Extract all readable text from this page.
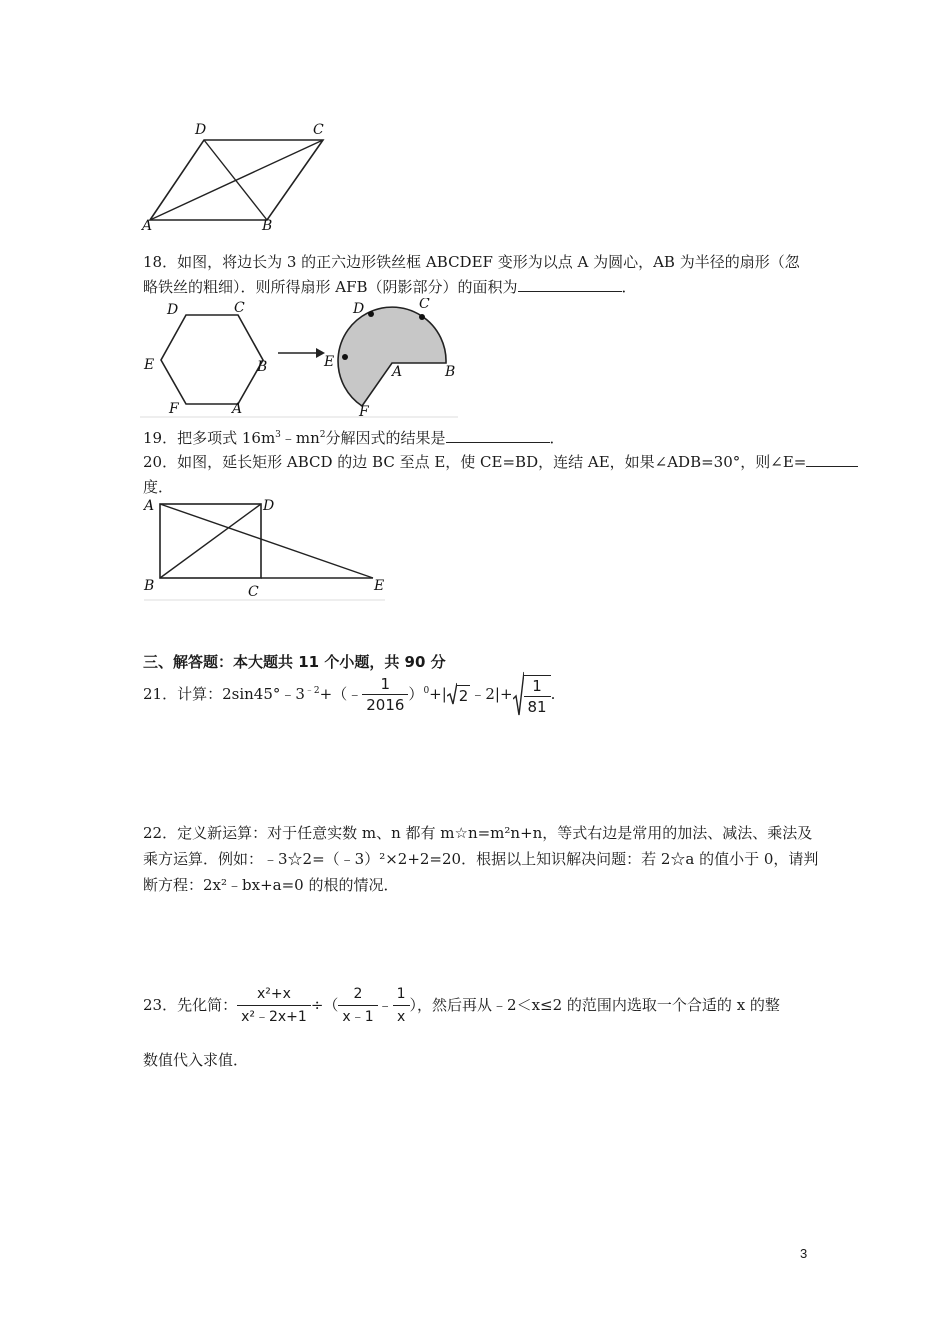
D	C
A	B
18．如图，将边长为 3 的正六边形铁丝框 ABCDEF 变形为以点 A 为圆心，AB 为半径的扇形（忽
略铁丝的粗细）．则所得扇形 AFB（阴影部分）的面积为	．
D	C
E	B
F	A
D	C
E
A	B
F
19．把多项式 $16m^3﹣mn^2$分解因式的结果是	．
20．如图，延长矩形 ABCD 的边 BC 至点 E，使 CE=BD，连结 AE，如果∠ADB=30°，则∠E=
度．
A	D
B	C	E
三、解答题：本大题共 11 个小题，共 90 分
21．计算：$2\sin 45^\circ﹣3^{﹣2}$ +（﹣ $\frac{1}{2016} )^0$ +| 2 ﹣2|+ $\frac{1}{81}$ .
22．定义新运算：对于任意实数 m、n 都有 m☆n=m²n+n，等式右边是常用的加法、减法、乘法及
乘方运算．例如：﹣3☆2=（﹣3）²×2+2=20．根据以上知识解决问题：若 2☆a 的值小于 0，请判
断方程：2x²﹣bx+a=0 的根的情况．
23．先化简： $\frac{\text{x²+x}}{\text{x²﹣2x+1}}$ ÷（ $\frac{2}{x﹣1}$ ﹣ $\frac{1}{x}$ ），然后再从﹣2＜x≤2 的范围内选取一个合适的 x 的整
数值代入求值．
3
